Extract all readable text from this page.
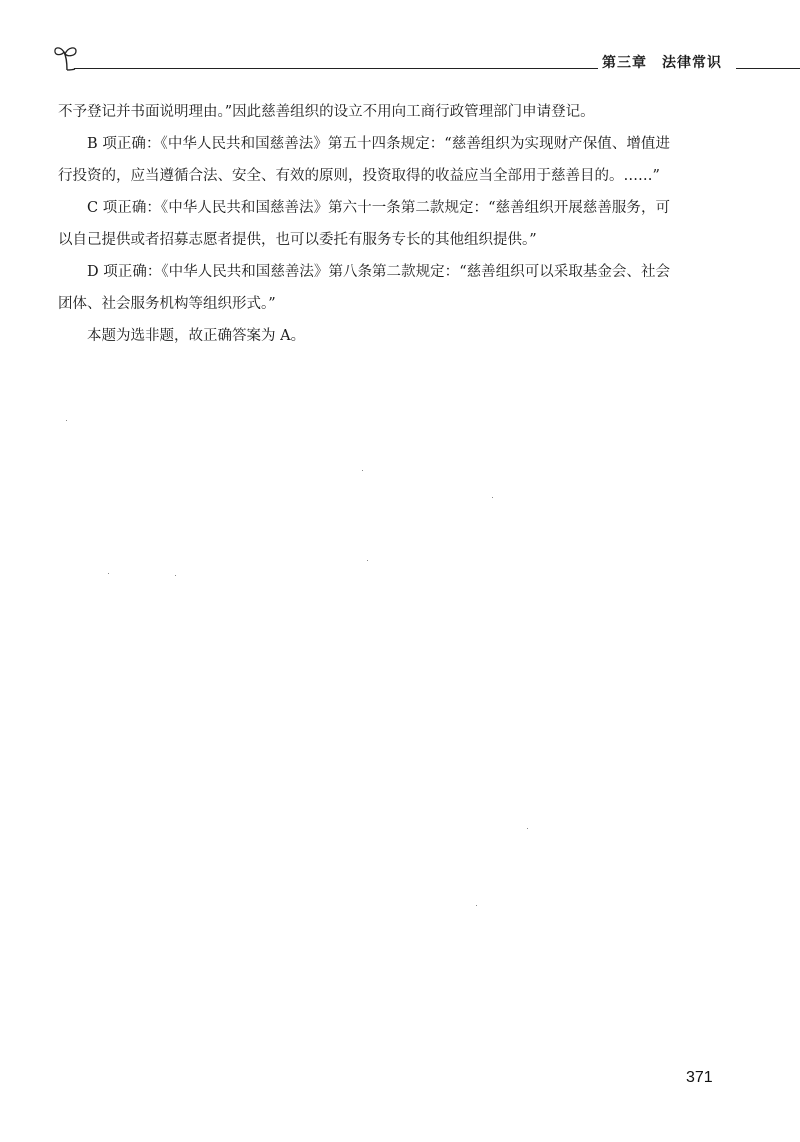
第三章 法律常识

不予登记并书面说明理由。”因此慈善组织的设立不用向工商行政管理部门申请登记。

B 项正确：《中华人民共和国慈善法》第五十四条规定：“慈善组织为实现财产保值、增值进行投资的，应当遵循合法、安全、有效的原则，投资取得的收益应当全部用于慈善目的。……”

C 项正确：《中华人民共和国慈善法》第六十一条第二款规定：“慈善组织开展慈善服务，可以自己提供或者招募志愿者提供，也可以委托有服务专长的其他组织提供。”

D 项正确：《中华人民共和国慈善法》第八条第二款规定：“慈善组织可以采取基金会、社会团体、社会服务机构等组织形式。”

本题为选非题，故正确答案为 A。

371
